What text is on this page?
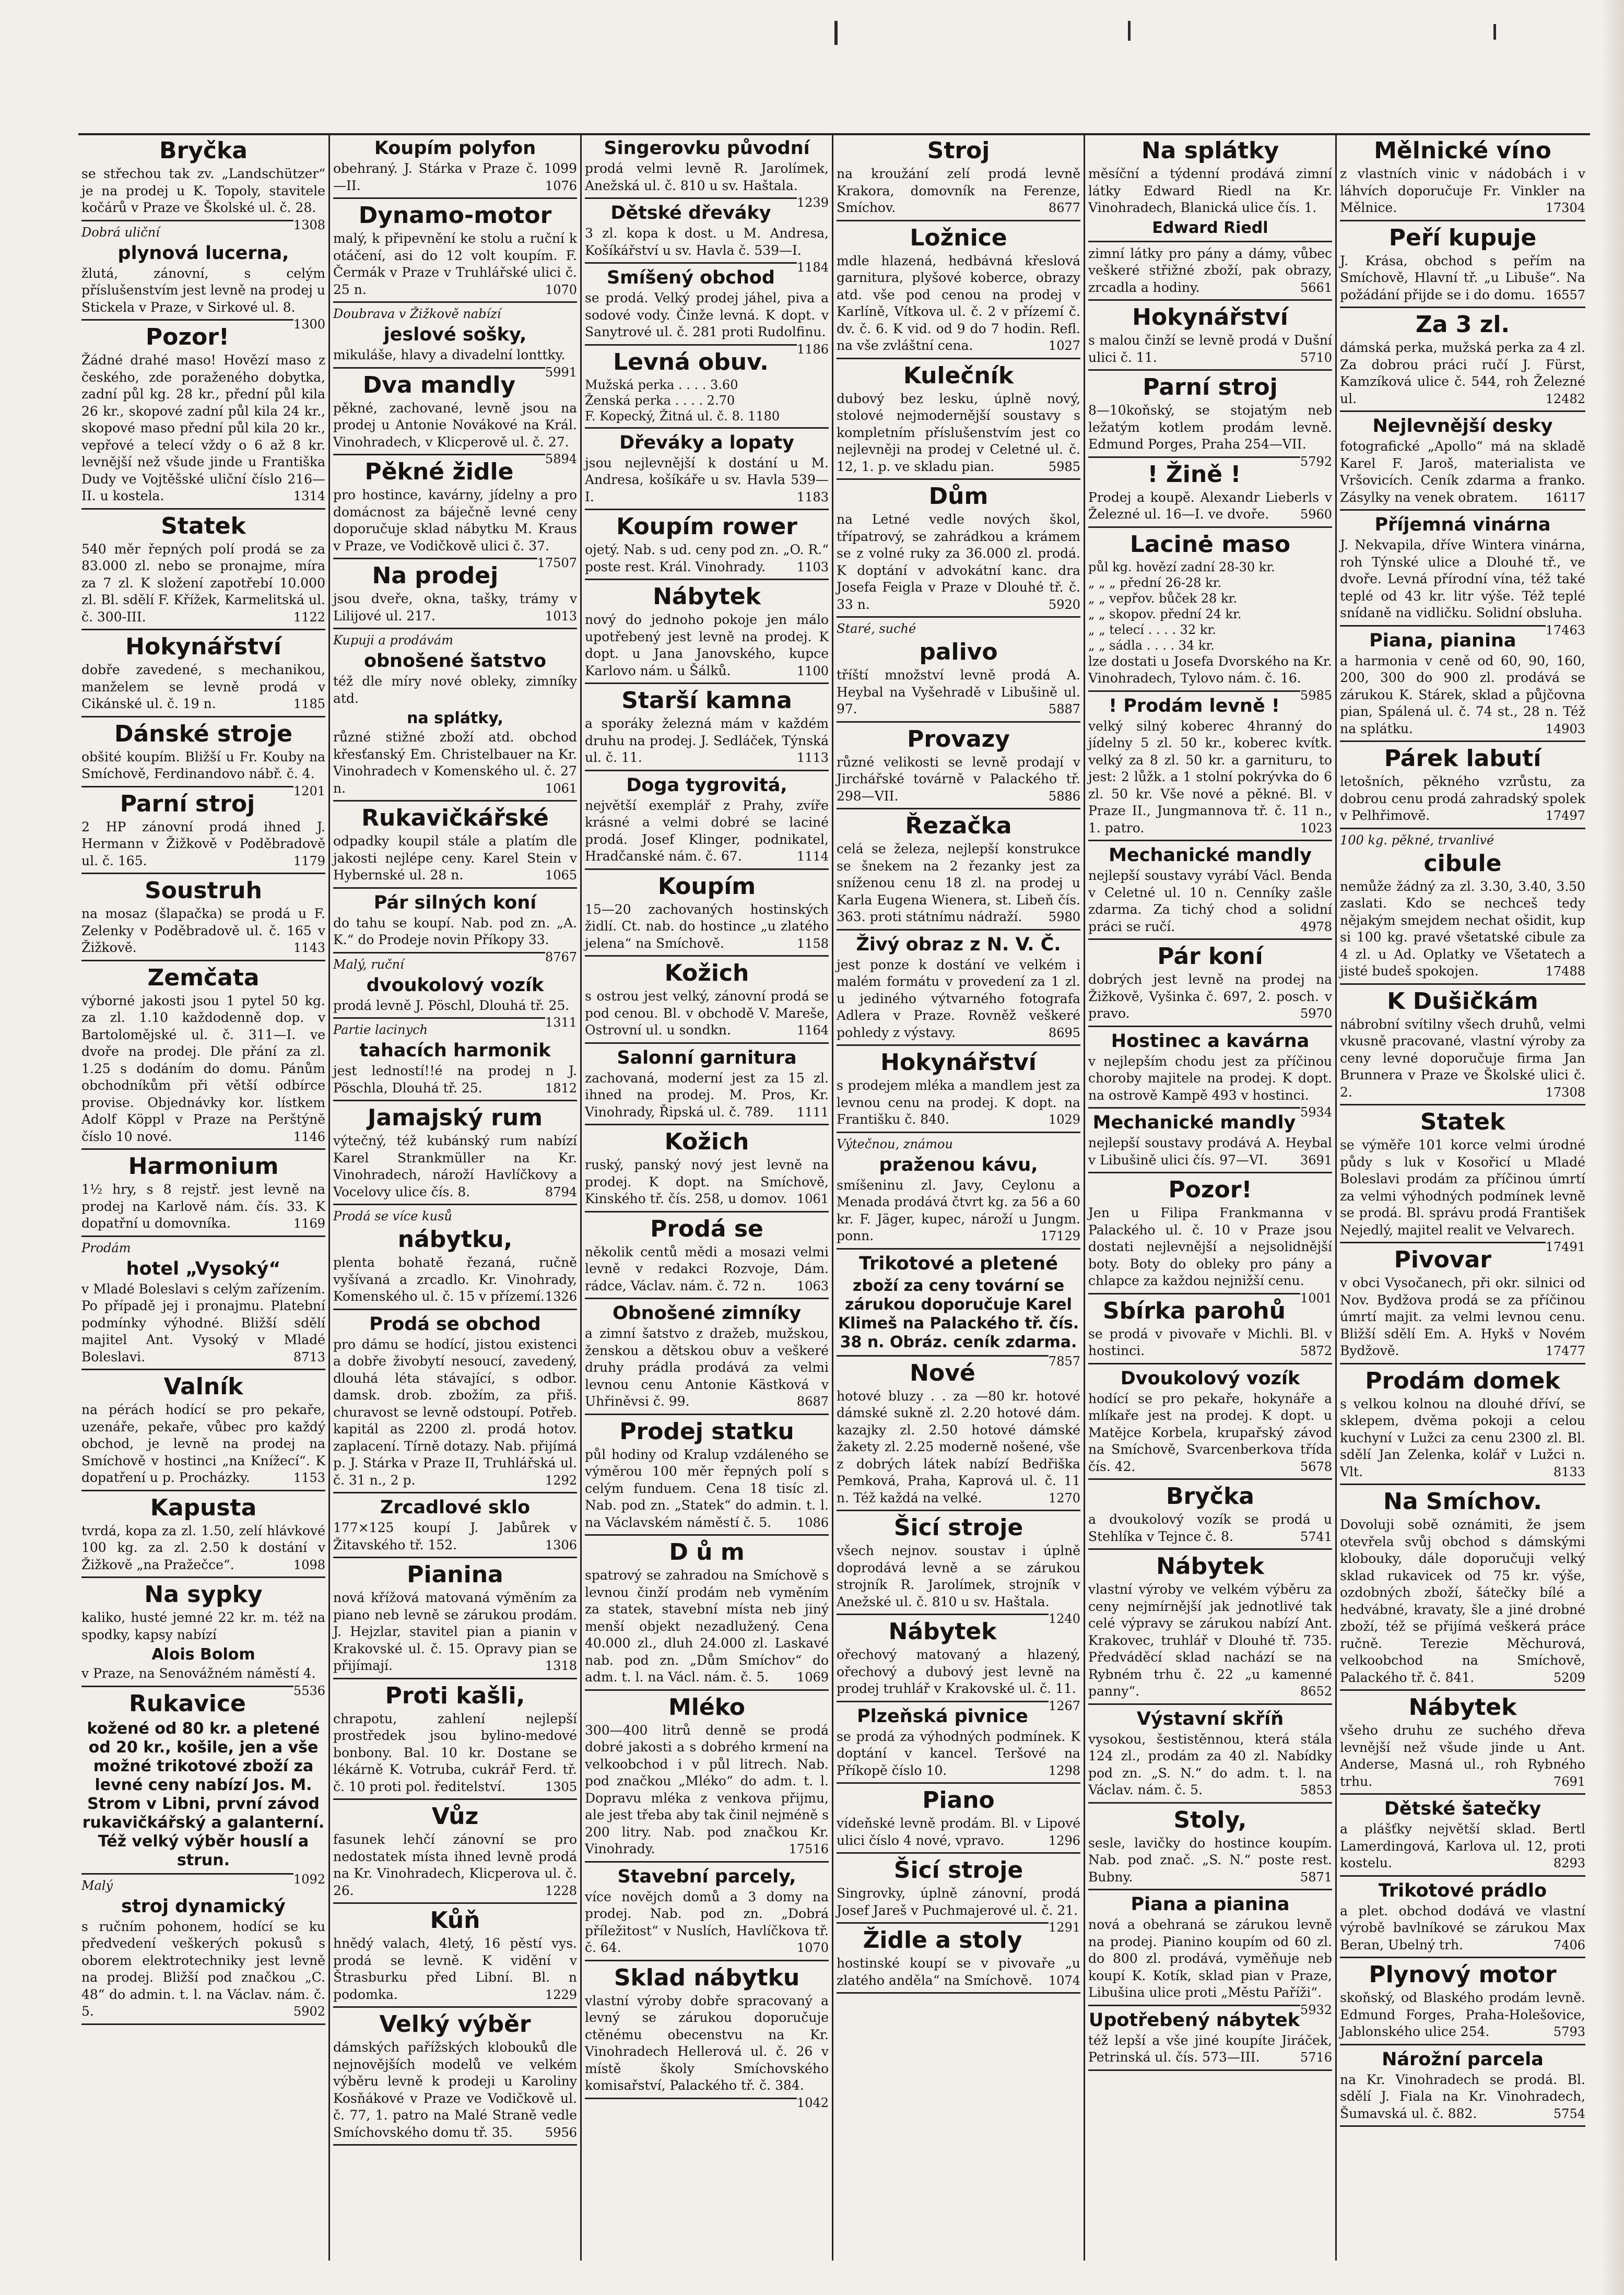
Bryčka
se střechou tak zv. „Landschützer“ je na prodej u K. Topoly, stavitele kočárů v Praze ve Školské ul. č. 28.
1308
Dobrá uliční
plynová lucerna,
žlutá, zánovní, s celým příslušenstvím jest levně na prodej u Stickela v Praze, v Sirkové ul. 8.
1300
Pozor!
Žádné drahé maso! Hovězí maso z českého, zde poraženého dobytka, zadní půl kg. 28 kr., přední půl kila 26 kr., skopové zadní půl kila 24 kr., skopové maso přední půl kila 20 kr., vepřové a telecí vždy o 6 až 8 kr. levnější než všude jinde u Františka Dudy ve Vojtěšské uliční číslo 216—II. u kostela.	1314
Statek
540 měr řepných polí prodá se za 83.000 zl. nebo se pronajme, míra za 7 zl. K složení zapotřebí 10.000 zl. Bl. sdělí F. Křížek, Karmelitská ul. č. 300-III.	1122
Hokynářství
dobře zavedené, s mechanikou, manželem se levně prodá v Cikánské ul. č. 19 n.	1185
Dánské stroje
obšité koupím. Bližší u Fr. Kouby na Smíchově, Ferdinandovo nábř. č. 4.
1201
Parní stroj
2 HP zánovní prodá ihned J. Hermann v Žižkově v Poděbradově ul. č. 165.	1179
Soustruh
na mosaz (šlapačka) se prodá u F. Zelenky v Poděbradově ul. č. 165 v Žižkově.	1143
Zemčata
výborné jakosti jsou 1 pytel 50 kg. za zl. 1.10 každodenně dop. v Bartolomějské ul. č. 311—I. ve dvoře na prodej. Dle přání za zl. 1.25 s dodáním do domu. Pánům obchodníkům při větší odbírce provise. Objednávky kor. lístkem Adolf Köppl v Praze na Perštýně číslo 10 nové.	1146
Harmonium
1½ hry, s 8 rejstř. jest levně na prodej na Karlově nám. čís. 33. K dopatřní u domovníka.	1169
Prodám
hotel „Vysoký“
v Mladé Boleslavi s celým zařízením. Po případě jej i pronajmu. Platební podmínky výhodné. Bližší sdělí majitel Ant. Vysoký v Mladé Boleslavi.	8713
Valník
na pérách hodící se pro pekaře, uzenáře, pekaře, vůbec pro každý obchod, je levně na prodej na Smíchově v hostinci „na Knížecí“. K dopatření u p. Procházky.	1153
Kapusta
tvrdá, kopa za zl. 1.50, zelí hlávkové 100 kg. za zl. 2.50 k dostání v Žižkově „na Pražečce“.	1098
Na sypky
kaliko, husté jemné 22 kr. m. též na spodky, kapsy nabízí
Alois Bolom
v Praze, na Senovážném náměstí 4.
5536
Rukavice
kožené od 80 kr. a pletené od 20 kr., košile, jen a vše možné trikotové zboží za levné ceny nabízí Jos. M. Strom v Libni, první závod rukavičkářský a galanterní. Též velký výběr houslí a strun.
1092
Malý
stroj dynamický
s ručním pohonem, hodící se ku předvedení veškerých pokusů s oborem elektrotechniky jest levně na prodej. Bližší pod značkou „C. 48“ do admin. t. l. na Václav. nám. č. 5.	5902
Koupím polyfon
obehraný. J. Stárka v Praze č. 1099—II.	1076
Dynamo-motor
malý, k připevnění ke stolu a ruční k otáčení, asi do 12 volt koupím. F. Čermák v Praze v Truhlářské ulici č. 25 n.	1070
Doubrava v Žižkově nabízí
jeslové sošky,
mikuláše, hlavy a divadelní lonttky.
5991
Dva mandly
pěkné, zachované, levně jsou na prodej u Antonie Novákové na Král. Vinohradech, v Klicperově ul. č. 27.
5894
Pěkné židle
pro hostince, kavárny, jídelny a pro domácnost za báječně levné ceny doporučuje sklad nábytku M. Kraus v Praze, ve Vodičkově ulici č. 37.
17507
Na prodej
jsou dveře, okna, tašky, trámy v Lilijové ul. 217.	1013
Kupuji a prodávám
obnošené šatstvo
též dle míry nové obleky, zimníky atd.
na splátky,
různé stižné zboží atd. obchod křesťanský Em. Christelbauer na Kr. Vinohradech v Komenského ul. č. 27 n.	1061
Rukavičkářské
odpadky koupil stále a platím dle jakosti nejlépe ceny. Karel Stein v Hybernské ul. 28 n.	1065
Pár silných koní
do tahu se koupí. Nab. pod zn. „A. K.“ do Prodeje novin Příkopy 33.
8767
Malý, ruční
dvoukolový vozík
prodá levně J. Pöschl, Dlouhá tř. 25.
1311
Partie lacinych
tahacích harmonik
jest ledností!!é na prodej n J. Pöschla, Dlouhá tř. 25.	1812
Jamajský rum
výtečný, též kubánský rum nabízí Karel Strankmüller na Kr. Vinohradech, nároží Havlíčkovy a Vocelovy ulice čís. 8.	8794
Prodá se více kusů
nábytku,
plenta bohatě řezaná, ručně vyšívaná a zrcadlo. Kr. Vinohrady, Komenského ul. č. 15 v přízemí. 1326
Prodá se obchod
pro dámu se hodící, jistou existenci a dobře živobytí nesoucí, zavedený, dlouhá léta stávající, s odbor. damsk. drob. zbožím, za přiš. churavost se levně odstoupí. Potřeb. kapitál as 2200 zl. prodá hotov. zaplacení. Tírně dotazy. Nab. přijímá p. J. Stárka v Praze II, Truhlářská ul. č. 31 n., 2 p.	1292
Zrcadlové sklo
177×125 koupí J. Jabůrek v Žitavského tř. 152.	1306
Pianina
nová křížová matovaná výměním za piano neb levně se zárukou prodám. J. Hejzlar, stavitel pian a pianin v Krakovské ul. č. 15. Opravy pian se přijímají.	1318
Proti kašli,
chrapotu, zahlení nejlepší prostředek jsou bylino-medové bonbony. Bal. 10 kr. Dostane se lékárně K. Votruba, cukrář Ferd. tř. č. 10 proti pol. ředitelství.	1305
Vůz
fasunek lehčí zánovní se pro nedostatek místa ihned levně prodá na Kr. Vinohradech, Klicperova ul. č. 26.	1228
Kůň
hnědý valach, 4letý, 16 pěstí vys. prodá se levně. K vidění v Štrasburku před Libní. Bl. n podomka.	1229
Velký výběr
dámských pařížských klobouků dle nejnovějších modelů ve velkém výběru levně k prodeji u Karoliny Kosňákové v Praze ve Vodičkově ul. č. 77, 1. patro na Malé Straně vedle Smíchovského domu tř. 35.	5956
Singerovku původní
prodá velmi levně R. Jarolímek, Anežská ul. č. 810 u sv. Haštala.
1239
Dětské dřeváky
3 zl. kopa k dost. u M. Andresa, Košíkářství u sv. Havla č. 539—I.
1184
Smíšený obchod
se prodá. Velký prodej jáhel, piva a sodové vody. Činže levná. K dopt. v Sanytrové ul. č. 281 proti Rudolfinu.
1186
Levná obuv.
Mužská perka . . . . 3.60
Ženská perka . . . . 2.70
F. Kopecký, Žitná ul. č. 8. 1180
Dřeváky a lopaty
jsou nejlevnější k dostání u M. Andresa, košíkáře u sv. Havla 539—I.	1183
Koupím rower
ojetý. Nab. s ud. ceny pod zn. „O. R.“ poste rest. Král. Vinohrady. 1103
Nábytek
nový do jednoho pokoje jen málo upotřebený jest levně na prodej. K dopt. u Jana Janovského, kupce Karlovo nám. u Šálků.	1100
Starší kamna
a sporáky železná mám v každém druhu na prodej. J. Sedláček, Týnská ul. č. 11.	1113
Doga tygrovitá,
největší exemplář z Prahy, zvíře krásné a velmi dobré se laciné prodá. Josef Klinger, podnikatel, Hradčanské nám. č. 67.	1114
Koupím
15—20 zachovaných hostinských židlí. Ct. nab. do hostince „u zlatého jelena“ na Smíchově.	1158
Kožich
s ostrou jest velký, zánovní prodá se pod cenou. Bl. v obchodě V. Mareše, Ostrovní ul. u sondkn.	1164
Salonní garnitura
zachovaná, moderní jest za 15 zl. ihned na prodej. M. Pros, Kr. Vinohrady, Řipská ul. č. 789. 1111
Kožich
ruský, panský nový jest levně na prodej. K dopt. na Smíchově, Kinského tř. čís. 258, u domov. 1061
Prodá se
několik centů mědi a mosazi velmi levně v redakci Rozvoje, Dám. rádce, Václav. nám. č. 72 n. 1063
Obnošené zimníky
a zimní šatstvo z dražeb, mužskou, ženskou a dětskou obuv a veškeré druhy prádla prodává za velmi levnou cenu Antonie Kästková v Uhřiněvsi č. 99.	8687
Prodej statku
půl hodiny od Kralup vzdáleného se výměrou 100 měr řepných polí s celým funduem. Cena 18 tisíc zl. Nab. pod zn. „Statek“ do admin. t. l. na Václavském náměstí č. 5. 1086
D ů m
spatrový se zahradou na Smíchově s levnou činží prodám neb vyměním za statek, stavební místa neb jiný menší objekt nezadlužený. Cena 40.000 zl., dluh 24.000 zl. Laskavé nab. pod zn. „Dům Smíchov“ do adm. t. l. na Václ. nám. č. 5. 1069
Mléko
300—400 litrů denně se prodá dobré jakosti a s dobrého krmení na velkoobchod i v půl litrech. Nab. pod značkou „Mléko“ do adm. t. l. Dopravu mléka z venkova přijmu, ale jest třeba aby tak činil nejméně s 200 litry. Nab. pod značkou Kr. Vinohrady.	17516
Stavební parcely,
více novějch domů a 3 domy na prodej. Nab. pod zn. „Dobrá příležitost“ v Nuslích, Havlíčkova tř. č. 64.	1070
Sklad nábytku
vlastní výroby dobře spracovaný a levný se zárukou doporučuje ctěnému obecenstvu na Kr. Vinohradech Hellerová ul. č. 26 v místě školy Smíchovského komisařství, Palackého tř. č. 384.
1042
Stroj
na kroužání zelí prodá levně Krakora, domovník na Ferenze, Smíchov.	8677
Ložnice
mdle hlazená, hedbávná křeslová garnitura, plyšové koberce, obrazy atd. vše pod cenou na prodej v Karlíně, Vítkova ul. č. 2 v přízemí č. dv. č. 6. K vid. od 9 do 7 hodin. Refl. na vše zvláštní cena.	1027
Kulečník
dubový bez lesku, úplně nový, stolové nejmodernější soustavy s kompletním příslušenstvím jest co nejlevněji na prodej v Celetné ul. č. 12, 1. p. ve skladu pian.	5985
Dům
na Letné vedle nových škol, třípatrový, se zahrádkou a krámem se z volné ruky za 36.000 zl. prodá. K doptání v advokátní kanc. dra Josefa Feigla v Praze v Dlouhé tř. č. 33 n.	5920
Staré, suché
palivo
tříští množství levně prodá A. Heybal na Vyšehradě v Libušině ul. 97.	5887
Provazy
různé velikosti se levně prodají v Jirchářské továrně v Palackého tř. 298—VII.	5886
Řezačka
celá se železa, nejlepší konstrukce se šnekem na 2 řezanky jest za sníženou cenu 18 zl. na prodej u Karla Eugena Wienera, st. Libeň čís. 363. proti státnímu nádraží. 5980
Živý obraz z N. V. Č.
jest ponze k dostání ve velkém i malém formátu v provedení za 1 zl. u jediného výtvarného fotografa Adlera v Praze. Rovněž veškeré pohledy z výstavy.	8695
Hokynářství
s prodejem mléka a mandlem jest za levnou cenu na prodej. K dopt. na Františku č. 840.	1029
Výtečnou, známou
praženou kávu,
smíšeninu zl. Javy, Ceylonu a Menada prodává čtvrt kg. za 56 a 60 kr. F. Jäger, kupec, nároží u Jungm. ponn.	17129
Trikotové a pletené
zboží za ceny tovární se zárukou doporučuje Karel Klimeš na Palackého tř. čís. 38 n. Obráz. ceník zdarma.
7857
Nové
hotové bluzy . . za —80 kr. hotové dámské sukně zl. 2.20 hotové dám. kazajky zl. 2.50 hotové dámské žakety zl. 2.25 moderně nošené, vše z dobrých látek nabízí Bedřiška Pemková, Praha, Kaprová ul. č. 11 n. Též každá na velké.	1270
Šicí stroje
všech nejnov. soustav i úplně doprodává levně a se zárukou strojník R. Jarolímek, strojník v Anežské ul. č. 810 u sv. Haštala.
1240
Nábytek
ořechový matovaný a hlazený, ořechový a dubový jest levně na prodej truhlář v Krakovské ul. č. 11.
1267
Plzeňská pivnice
se prodá za výhodných podmínek. K doptání v kancel. Teršové na Příkopě číslo 10.	1298
Piano
vídeňské levně prodám. Bl. v Lipové ulici číslo 4 nové, vpravo.	1296
Šicí stroje
Singrovky, úplně zánovní, prodá Josef Jareš v Puchmajerové ul. č. 21.
1291
Židle a stoly
hostinské koupí se v pivovaře „u zlatého anděla“ na Smíchově. 1074
Na splátky
měsíční a týdenní prodává zimní látky Edward Riedl na Kr. Vinohradech, Blanická ulice čís. 1.
Edward Riedl
zimní látky pro pány a dámy, vůbec veškeré střižné zboží, pak obrazy, zrcadla a hodiny.	5661
Hokynářství
s malou činží se levně prodá v Dušní ulici č. 11.	5710
Parní stroj
8—10koňský, se stojatým neb ležatým kotlem prodám levně. Edmund Porges, Praha 254—VII.
5792
! Žině !
Prodej a koupě. Alexandr Lieberls v Železné ul. 16—I. ve dvoře. 5960
Lacinė maso
půl kg. hovězí zadní 28-30 kr.
„ „ „ přední 26-28 kr.
„ „ vepřov. bůček 28 kr.
„ „ skopov. přední 24 kr.
„ „ telecí . . . . 32 kr.
„ „ sádla . . . . 34 kr.
lze dostati u Josefa Dvorského na Kr. Vinohradech, Tylovo nám. č. 16.
5985
! Prodám levně !
velký silný koberec 4hranný do jídelny 5 zl. 50 kr., koberec kvítk. velký za 8 zl. 50 kr. a garnituru, to jest: 2 lůžk. a 1 stolní pokrývka do 6 zl. 50 kr. Vše nové a pěkné. Bl. v Praze II., Jungmannova tř. č. 11 n., 1. patro.	1023
Mechanické mandly
nejlepší soustavy vyrábí Václ. Benda v Celetné ul. 10 n. Cenníky zašle zdarma. Za tichý chod a solidní práci se ručí.	4978
Pár koní
dobrých jest levně na prodej na Žižkově, Vyšinka č. 697, 2. posch. v pravo.	5970
Hostinec a kavárna
v nejlepším chodu jest za příčinou choroby majitele na prodej. K dopt. na ostrově Kampě 493 v hostinci.
5934
Mechanické mandly
nejlepší soustavy prodává A. Heybal v Libušině ulici čís. 97—VI.	3691
Pozor!
Jen u Filipa Frankmanna v Palackého ul. č. 10 v Praze jsou dostati nejlevnější a nejsolidnější boty. Boty do obleky pro pány a chlapce za každou nejnižší cenu.
1001
Sbírka parohů
se prodá v pivovaře v Michli. Bl. v hostinci.	5872
Dvoukolový vozík
hodící se pro pekaře, hokynáře a mlíkaře jest na prodej. K dopt. u Matějce Korbela, krupařský závod na Smíchově, Svarcenberkova třída čís. 42.	5678
Bryčka
a dvoukolový vozík se prodá u Stehlíka v Tejnce č. 8.	5741
Nábytek
vlastní výroby ve velkém výběru za ceny nejmírnější jak jednotlivé tak celé výpravy se zárukou nabízí Ant. Krakovec, truhlář v Dlouhé tř. 735. Předváděcí sklad nachází se na Rybném trhu č. 22 „u kamenné panny“.	8652
Výstavní skříň
vysokou, šestistěnnou, která stála 124 zl., prodám za 40 zl. Nabídky pod zn. „S. N.“ do adm. t. l. na Václav. nám. č. 5.	5853
Stoly,
sesle, lavičky do hostince koupím. Nab. pod znač. „S. N.“ poste rest. Bubny.	5871
Piana a pianina
nová a obehraná se zárukou levně na prodej. Pianino koupím od 60 zl. do 800 zl. prodává, vyměňuje neb koupí K. Kotík, sklad pian v Praze, Libušina ulice proti „Městu Paříži“.
5932
Upotřebený nábytek
též lepší a vše jiné koupíte Jiráček, Petrinská ul. čís. 573—III.	5716
Mělnické víno
z vlastních vinic v nádobách i v láhvích doporučuje Fr. Vinkler na Mělnice.	17304
Peří kupuje
J. Krása, obchod s peřím na Smíchově, Hlavní tř. „u Libuše“. Na požádání přijde se i do domu. 16557
Za 3 zl.
dámská perka, mužská perka za 4 zl. Za dobrou práci ručí J. Fürst, Kamzíková ulice č. 544, roh Železné ul.	12482
Nejlevnější desky
fotografické „Apollo“ má na skladě Karel F. Jaroš, materialista ve Vršovicích. Ceník zdarma a franko. Zásylky na venek obratem. 16117
Příjemná vinárna
J. Nekvapila, dříve Wintera vinárna, roh Týnské ulice a Dlouhé tř., ve dvoře. Levná přírodní vína, též také teplé od 43 kr. litr výše. Též teplé snídaně na vidličku. Solidní obsluha.
17463
Piana, pianina
a harmonia v ceně od 60, 90, 160, 200, 300 do 900 zl. prodává se zárukou K. Stárek, sklad a půjčovna pian, Spálená ul. č. 74 st., 28 n. Též na splátku.	14903
Párek labutí
letošních, pěkného vzrůstu, za dobrou cenu prodá zahradský spolek v Pelhřimově.	17497
100 kg. pěkné, trvanlivé
cibule
nemůže žádný za zl. 3.30, 3.40, 3.50 zaslati. Kdo se nechceš tedy nějakým smejdem nechat ošidit, kup si 100 kg. pravé všetatské cibule za 4 zl. u Ad. Oplatky ve Všetatech a jisté budeš spokojen.	17488
K Dušičkám
nábrobní svítilny všech druhů, velmi vkusně pracované, vlastní výroby za ceny levné doporučuje firma Jan Brunnera v Praze ve Školské ulici č. 2.	17308
Statek
se výměře 101 korce velmi úrodné půdy s luk v Kosořicí u Mladé Boleslavi prodám za příčinou úmrtí za velmi výhodných podmínek levně se prodá. Bl. správu prodá František Nejedlý, majitel realit ve Velvarech.
17491
Pivovar
v obci Vysočanech, při okr. silnici od Nov. Bydžova prodá se za příčinou úmrtí majit. za velmi levnou cenu. Bližší sdělí Em. A. Hykš v Novém Bydžově.	17477
Prodám domek
s velkou kolnou na dlouhé dříví, se sklepem, dvěma pokoji a celou kuchyní v Lužci za cenu 2300 zl. Bl. sdělí Jan Zelenka, kolář v Lužci n. Vlt.	8133
Na Smíchov.
Dovoluji sobě oznámiti, že jsem otevřela svůj obchod s dámskými klobouky, dále doporučuji velký sklad rukavicek od 75 kr. výše, ozdobných zboží, šátečky bílé a hedvábné, kravaty, šle a jiné drobné zboží, též se přijímá veškerá práce ručně. Terezie Měchurová, velkoobchod na Smíchově, Palackého tř. č. 841.	5209
Nábytek
všeho druhu ze suchého dřeva levnější než všude jinde u Ant. Anderse, Masná ul., roh Rybného trhu.	7691
Dětské šatečky
a plášťky největší sklad. Bertl Lamerdingová, Karlova ul. 12, proti kostelu.	8293
Trikotové prádlo
a plet. obchod dodává ve vlastní výrobě bavlníkové se zárukou Max Beran, Ubelný trh.	7406
Plynový motor
skoňský, od Blaského prodám levně. Edmund Forges, Praha-Holešovice, Jablonského ulice 254.	5793
Nárožní parcela
na Kr. Vinohradech se prodá. Bl. sdělí J. Fiala na Kr. Vinohradech, Šumavská ul. č. 882.	5754
